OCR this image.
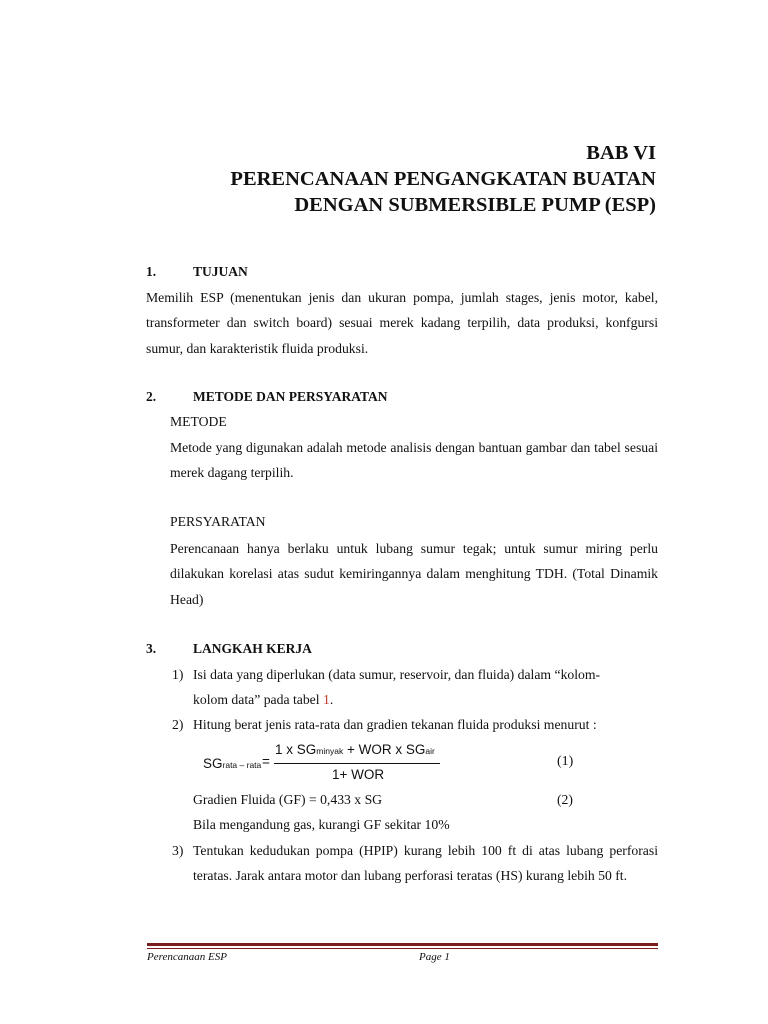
BAB VI
PERENCANAAN PENGANGKATAN BUATAN
DENGAN SUBMERSIBLE PUMP (ESP)
1.	TUJUAN
Memilih ESP (menentukan jenis dan ukuran pompa, jumlah stages, jenis motor, kabel, transformeter dan switch board) sesuai merek kadang terpilih, data produksi, konfgursi sumur, dan karakteristik fluida produksi.
2.	METODE DAN PERSYARATAN
METODE
Metode yang digunakan adalah metode analisis dengan bantuan gambar dan tabel sesuai merek dagang terpilih.
PERSYARATAN
Perencanaan hanya berlaku untuk lubang sumur tegak; untuk sumur miring perlu dilakukan korelasi atas sudut kemiringannya dalam menghitung TDH. (Total Dinamik Head)
3.	LANGKAH KERJA
1) Isi data yang diperlukan (data sumur, reservoir, dan fluida) dalam “kolom-
kolom data” pada tabel 1.
2) Hitung berat jenis rata-rata dan gradien tekanan fluida produksi menurut :
SGrata – rata =
1 x SGminyak + WOR x SGair
1+ WOR
(1)
Gradien Fluida (GF) = 0,433 x SG	(2)
Bila mengandung gas, kurangi GF sekitar 10%
3) Tentukan kedudukan pompa (HPIP) kurang lebih 100 ft di atas lubang perforasi teratas. Jarak antara motor dan lubang perforasi teratas (HS) kurang lebih 50 ft.
Perencanaan ESP	Page 1
